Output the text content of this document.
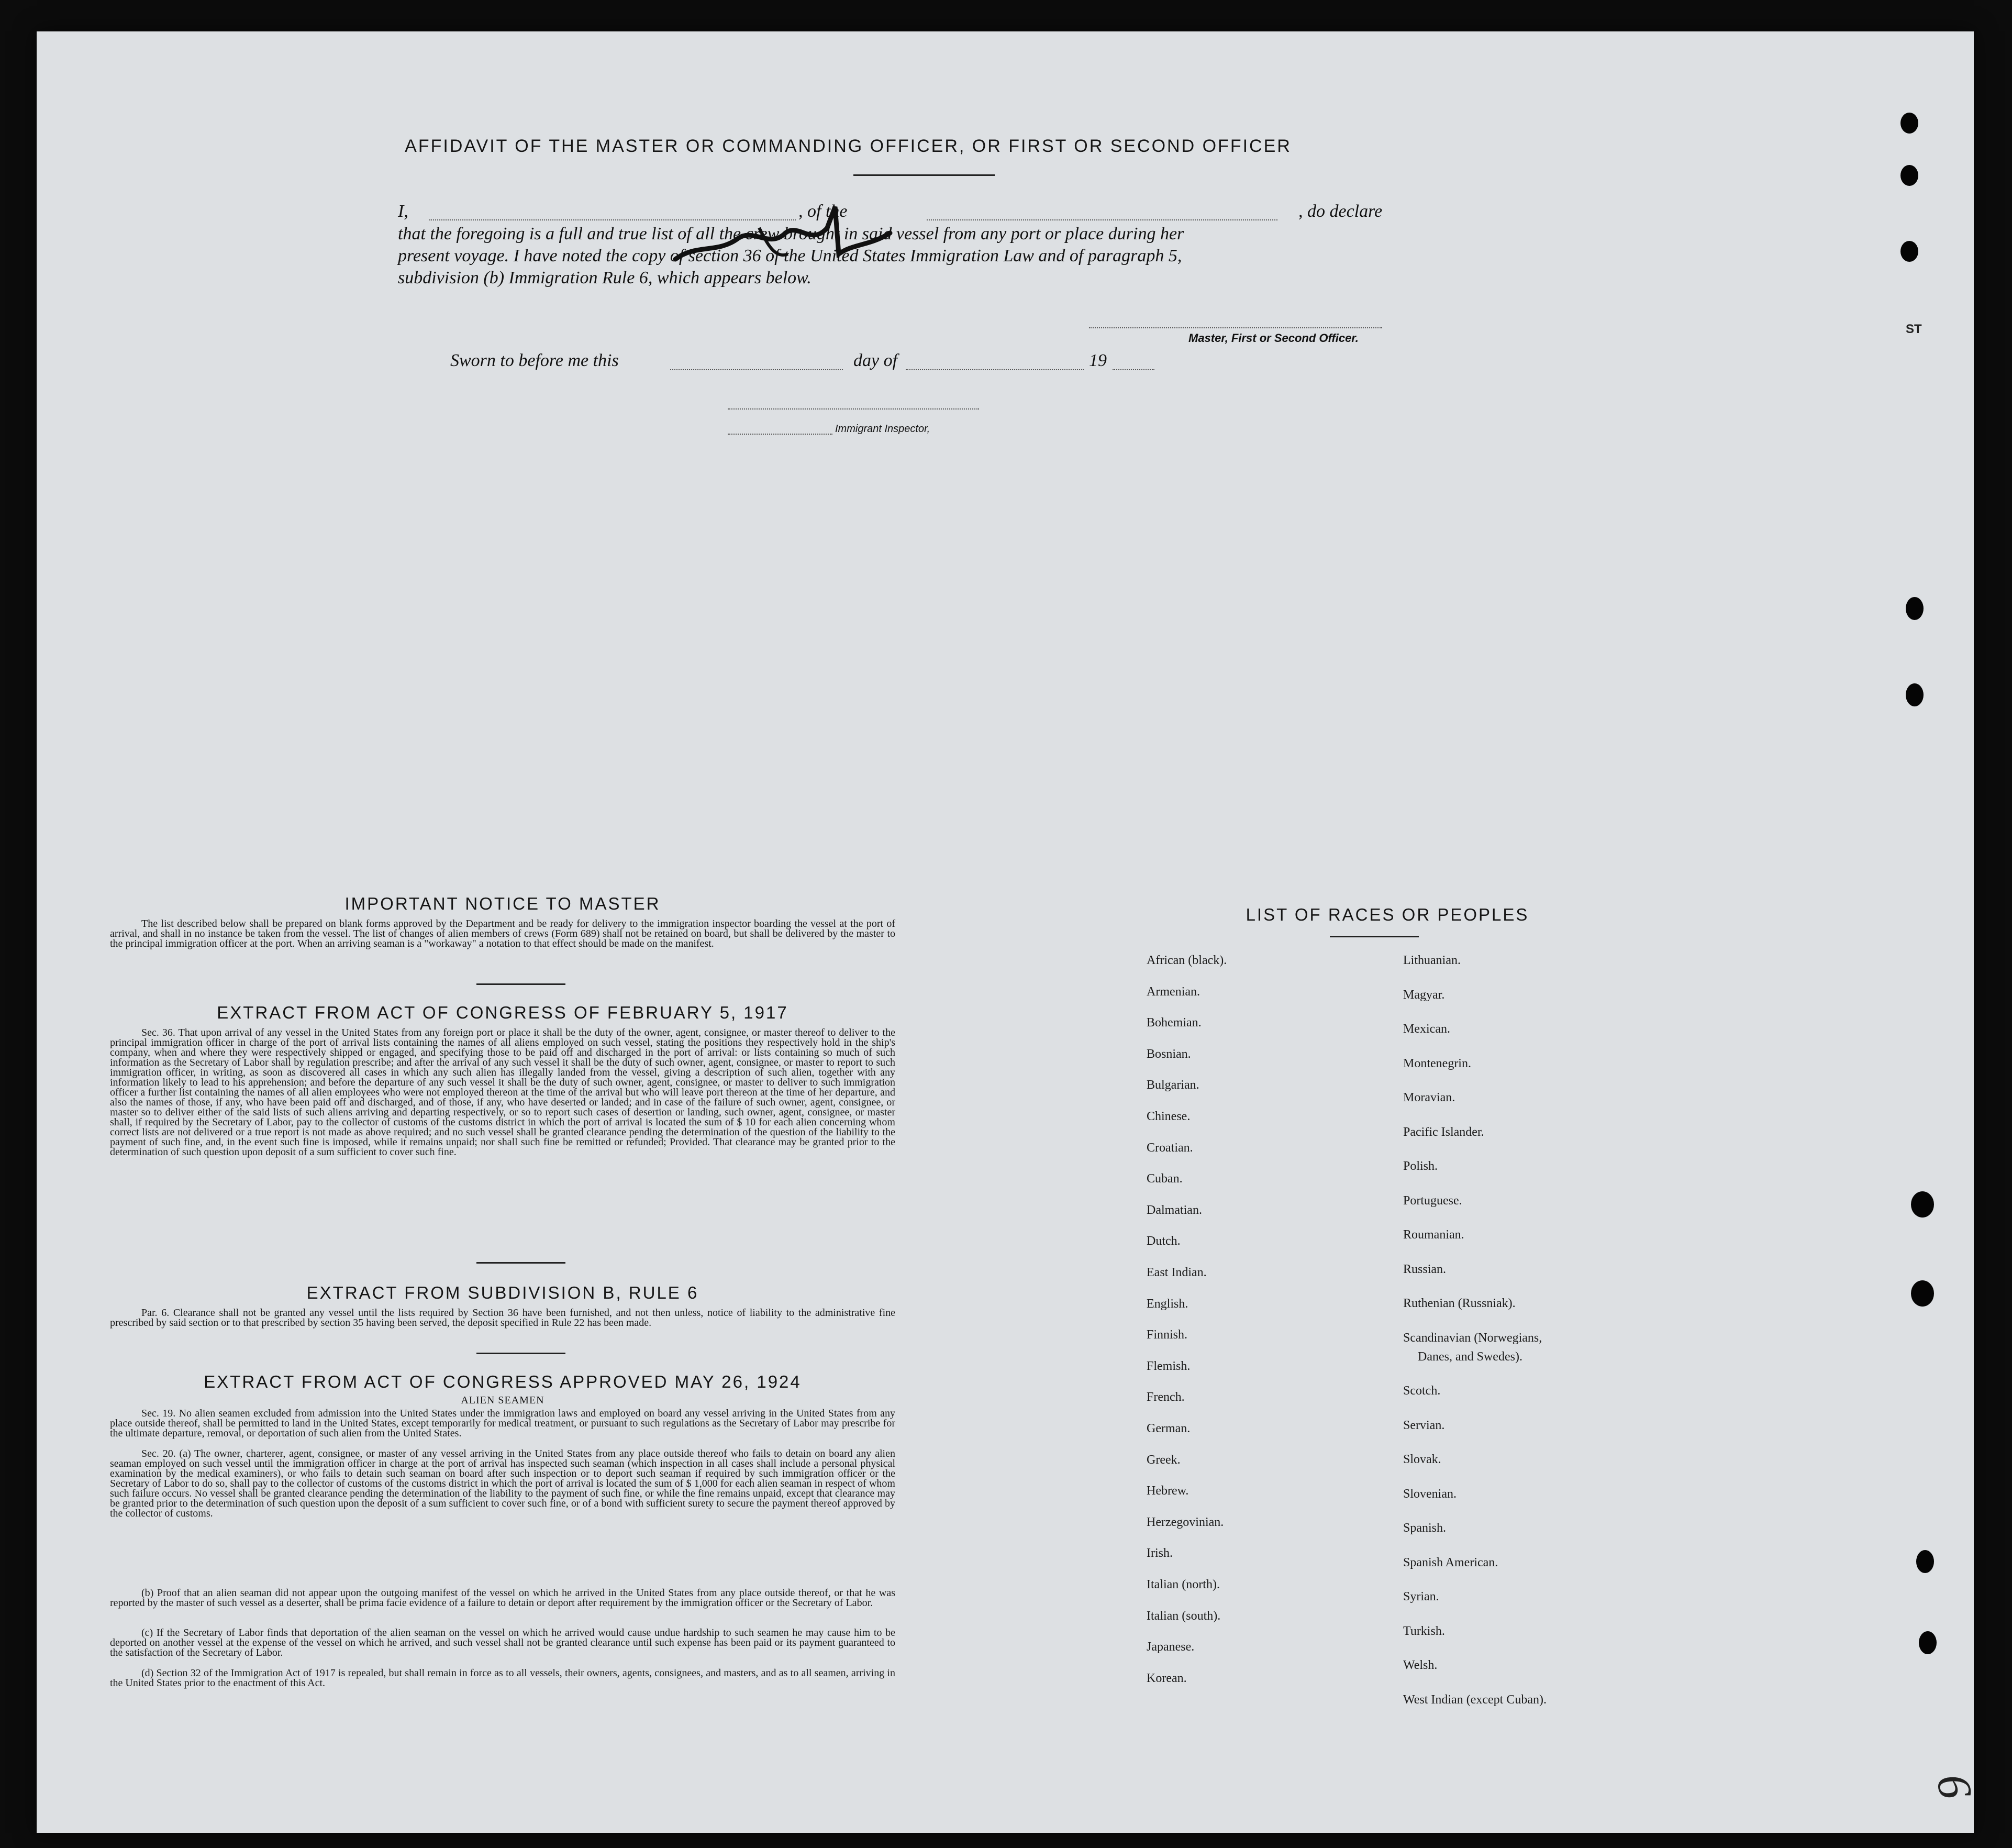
AFFIDAVIT OF THE MASTER OR COMMANDING OFFICER, OR FIRST OR SECOND OFFICER
I,	, of the	, do declare
that the foregoing is a full and true list of all the crew brought in said vessel from any port or place during her
present voyage. I have noted the copy of section 36 of the United States Immigration Law and of paragraph 5,
subdivision (b) Immigration Rule 6, which appears below.
Master, First or Second Officer.
Sworn to before me this	day of	19
Immigrant Inspector,
IMPORTANT NOTICE TO MASTER
The list described below shall be prepared on blank forms approved by the Department and be ready for delivery to the immigration inspector boarding the vessel at the port of arrival, and shall in no instance be taken from the vessel. The list of changes of alien members of crews (Form 689) shall not be retained on board, but shall be delivered by the master to the principal immigration officer at the port. When an arriving seaman is a "workaway" a notation to that effect should be made on the manifest.
EXTRACT FROM ACT OF CONGRESS OF FEBRUARY 5, 1917
Sec. 36. That upon arrival of any vessel in the United States from any foreign port or place it shall be the duty of the owner, agent, consignee, or master thereof to deliver to the principal immigration officer in charge of the port of arrival lists containing the names of all aliens employed on such vessel, stating the positions they respectively hold in the ship's company, when and where they were respectively shipped or engaged, and specifying those to be paid off and discharged in the port of arrival: or lists containing so much of such information as the Secretary of Labor shall by regulation prescribe; and after the arrival of any such vessel it shall be the duty of such owner, agent, consignee, or master to report to such immigration officer, in writing, as soon as discovered all cases in which any such alien has illegally landed from the vessel, giving a description of such alien, together with any information likely to lead to his apprehension; and before the departure of any such vessel it shall be the duty of such owner, agent, consignee, or master to deliver to such immigration officer a further list containing the names of all alien employees who were not employed thereon at the time of the arrival but who will leave port thereon at the time of her departure, and also the names of those, if any, who have been paid off and discharged, and of those, if any, who have deserted or landed; and in case of the failure of such owner, agent, consignee, or master so to deliver either of the said lists of such aliens arriving and departing respectively, or so to report such cases of desertion or landing, such owner, agent, consignee, or master shall, if required by the Secretary of Labor, pay to the collector of customs of the customs district in which the port of arrival is located the sum of $ 10 for each alien concerning whom correct lists are not delivered or a true report is not made as above required; and no such vessel shall be granted clearance pending the determination of the question of the liability to the payment of such fine, and, in the event such fine is imposed, while it remains unpaid; nor shall such fine be remitted or refunded; Provided. That clearance may be granted prior to the determination of such question upon deposit of a sum sufficient to cover such fine.
EXTRACT FROM SUBDIVISION B, RULE 6
Par. 6. Clearance shall not be granted any vessel until the lists required by Section 36 have been furnished, and not then unless, notice of liability to the administrative fine prescribed by said section or to that prescribed by section 35 having been served, the deposit specified in Rule 22 has been made.
EXTRACT FROM ACT OF CONGRESS APPROVED MAY 26, 1924
ALIEN SEAMEN
Sec. 19. No alien seamen excluded from admission into the United States under the immigration laws and employed on board any vessel arriving in the United States from any place outside thereof, shall be permitted to land in the United States, except temporarily for medical treatment, or pursuant to such regulations as the Secretary of Labor may prescribe for the ultimate departure, removal, or deportation of such alien from the United States.
Sec. 20. (a) The owner, charterer, agent, consignee, or master of any vessel arriving in the United States from any place outside thereof who fails to detain on board any alien seaman employed on such vessel until the immigration officer in charge at the port of arrival has inspected such seaman (which inspection in all cases shall include a personal physical examination by the medical examiners), or who fails to detain such seaman on board after such inspection or to deport such seaman if required by such immigration officer or the Secretary of Labor to do so, shall pay to the collector of customs of the customs district in which the port of arrival is located the sum of $ 1,000 for each alien seaman in respect of whom such failure occurs. No vessel shall be granted clearance pending the determination of the liability to the payment of such fine, or while the fine remains unpaid, except that clearance may be granted prior to the determination of such question upon the deposit of a sum sufficient to cover such fine, or of a bond with sufficient surety to secure the payment thereof approved by the collector of customs.
(b) Proof that an alien seaman did not appear upon the outgoing manifest of the vessel on which he arrived in the United States from any place outside thereof, or that he was reported by the master of such vessel as a deserter, shall be prima facie evidence of a failure to detain or deport after requirement by the immigration officer or the Secretary of Labor.
(c) If the Secretary of Labor finds that deportation of the alien seaman on the vessel on which he arrived would cause undue hardship to such seamen he may cause him to be deported on another vessel at the expense of the vessel on which he arrived, and such vessel shall not be granted clearance until such expense has been paid or its payment guaranteed to the satisfaction of the Secretary of Labor.
(d) Section 32 of the Immigration Act of 1917 is repealed, but shall remain in force as to all vessels, their owners, agents, consignees, and masters, and as to all seamen, arriving in the United States prior to the enactment of this Act.
LIST OF RACES OR PEOPLES
African (black).
Armenian.
Bohemian.
Bosnian.
Bulgarian.
Chinese.
Croatian.
Cuban.
Dalmatian.
Dutch.
East Indian.
English.
Finnish.
Flemish.
French.
German.
Greek.
Hebrew.
Herzegovinian.
Irish.
Italian (north).
Italian (south).
Japanese.
Korean.
Lithuanian.
Magyar.
Mexican.
Montenegrin.
Moravian.
Pacific Islander.
Polish.
Portuguese.
Roumanian.
Russian.
Ruthenian (Russniak).
Scandinavian (Norwegians,
Danes, and Swedes).
Scotch.
Servian.
Slovak.
Slovenian.
Spanish.
Spanish American.
Syrian.
Turkish.
Welsh.
West Indian (except Cuban).
ST
6
